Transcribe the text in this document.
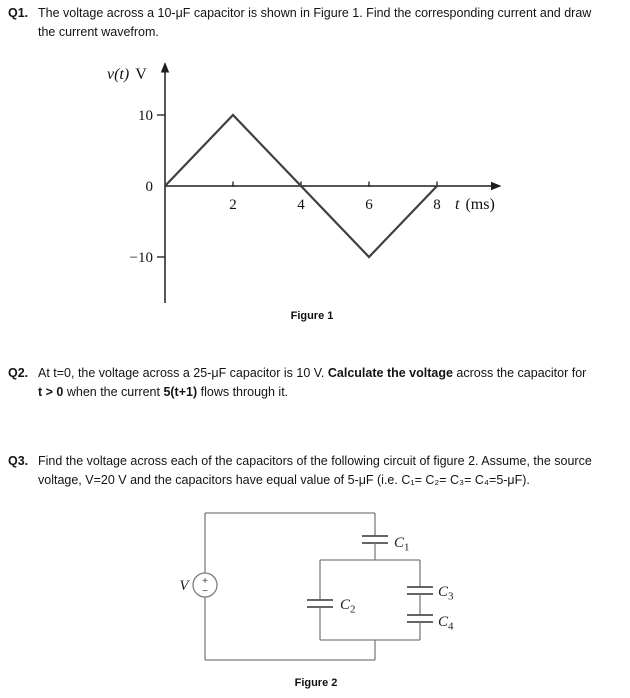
Q1. The voltage across a 10-μF capacitor is shown in Figure 1. Find the corresponding current and draw
the current wavefrom.
2	4	6	8
10
0
−10
v(t) V
t (ms)
Figure 1
Q2. At t=0, the voltage across a 25-μF capacitor is 10 V. Calculate the voltage across the capacitor for
t > 0 when the current 5(t+1) flows through it.
Q3. Find the voltage across each of the capacitors of the following circuit of figure 2. Assume, the source
voltage, V=20 V and the capacitors have equal value of 5-μF (i.e. C₁= C₂= C₃= C₄=5-μF).
+
−
V
$C_1$
$C_2$
$C_3$
$C_4$
Figure 2
